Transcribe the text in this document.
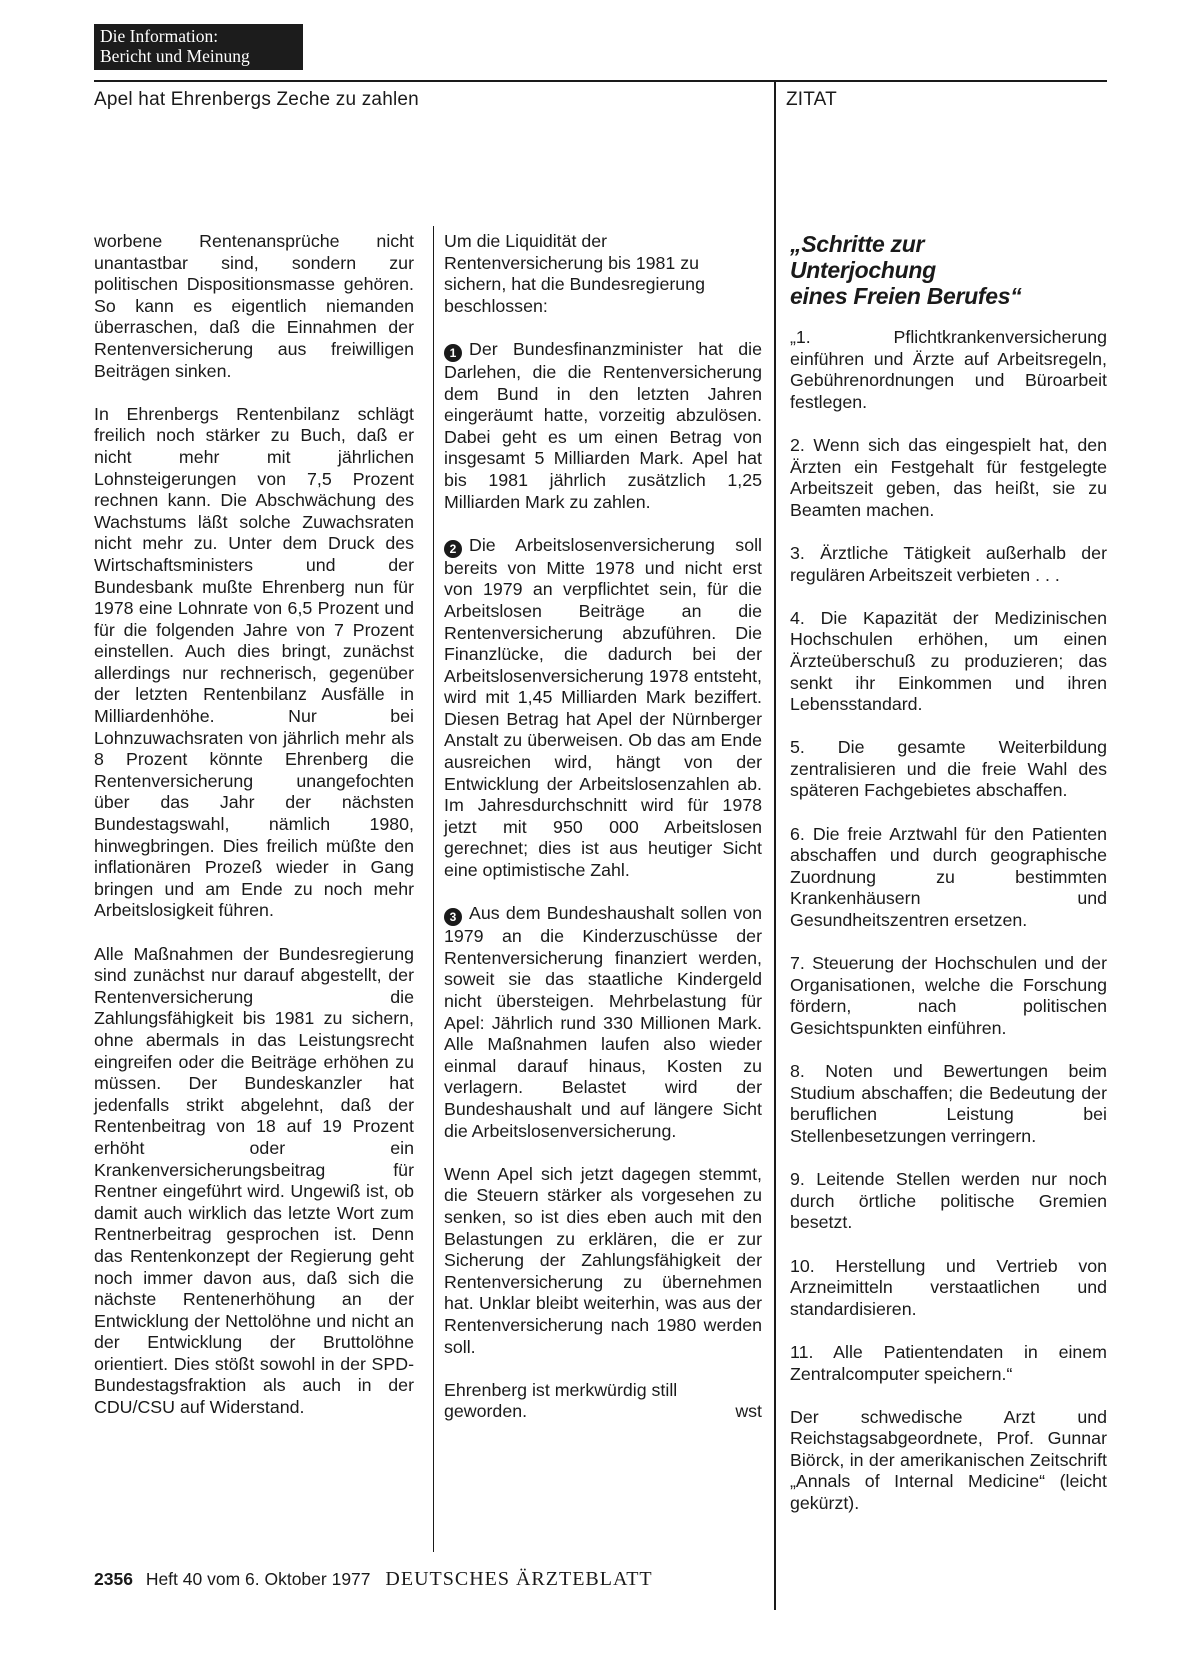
Die Information:
Bericht und Meinung
Apel hat Ehrenbergs Zeche zu zahlen	ZITAT

worbene Rentenansprüche nicht unantastbar sind, sondern zur politischen Dispositionsmasse gehören. So kann es eigentlich niemanden überraschen, daß die Einnahmen der Rentenversicherung aus freiwilligen Beiträgen sinken.

In Ehrenbergs Rentenbilanz schlägt freilich noch stärker zu Buch, daß er nicht mehr mit jährlichen Lohnsteigerungen von 7,5 Prozent rechnen kann. Die Abschwächung des Wachstums läßt solche Zuwachsraten nicht mehr zu. Unter dem Druck des Wirtschaftsministers und der Bundesbank mußte Ehrenberg nun für 1978 eine Lohnrate von 6,5 Prozent und für die folgenden Jahre von 7 Prozent einstellen. Auch dies bringt, zunächst allerdings nur rechnerisch, gegenüber der letzten Rentenbilanz Ausfälle in Milliardenhöhe. Nur bei Lohnzuwachsraten von jährlich mehr als 8 Prozent könnte Ehrenberg die Rentenversicherung unangefochten über das Jahr der nächsten Bundestagswahl, nämlich 1980, hinwegbringen. Dies freilich müßte den inflationären Prozeß wieder in Gang bringen und am Ende zu noch mehr Arbeitslosigkeit führen.

Alle Maßnahmen der Bundesregierung sind zunächst nur darauf abgestellt, der Rentenversicherung die Zahlungsfähigkeit bis 1981 zu sichern, ohne abermals in das Leistungsrecht eingreifen oder die Beiträge erhöhen zu müssen. Der Bundeskanzler hat jedenfalls strikt abgelehnt, daß der Rentenbeitrag von 18 auf 19 Prozent erhöht oder ein Krankenversicherungsbeitrag für Rentner eingeführt wird. Ungewiß ist, ob damit auch wirklich das letzte Wort zum Rentnerbeitrag gesprochen ist. Denn das Rentenkonzept der Regierung geht noch immer davon aus, daß sich die nächste Rentenerhöhung an der Entwicklung der Nettolöhne und nicht an der Entwicklung der Bruttolöhne orientiert. Dies stößt sowohl in der SPD-Bundestagsfraktion als auch in der CDU/CSU auf Widerstand.

Um die Liquidität der Rentenversicherung bis 1981 zu sichern, hat die Bundesregierung beschlossen:

1 Der Bundesfinanzminister hat die Darlehen, die die Rentenversicherung dem Bund in den letzten Jahren eingeräumt hatte, vorzeitig abzulösen. Dabei geht es um einen Betrag von insgesamt 5 Milliarden Mark. Apel hat bis 1981 jährlich zusätzlich 1,25 Milliarden Mark zu zahlen.

2 Die Arbeitslosenversicherung soll bereits von Mitte 1978 und nicht erst von 1979 an verpflichtet sein, für die Arbeitslosen Beiträge an die Rentenversicherung abzuführen. Die Finanzlücke, die dadurch bei der Arbeitslosenversicherung 1978 entsteht, wird mit 1,45 Milliarden Mark beziffert. Diesen Betrag hat Apel der Nürnberger Anstalt zu überweisen. Ob das am Ende ausreichen wird, hängt von der Entwicklung der Arbeitslosenzahlen ab. Im Jahresdurchschnitt wird für 1978 jetzt mit 950 000 Arbeitslosen gerechnet; dies ist aus heutiger Sicht eine optimistische Zahl.

3 Aus dem Bundeshaushalt sollen von 1979 an die Kinderzuschüsse der Rentenversicherung finanziert werden, soweit sie das staatliche Kindergeld nicht übersteigen. Mehrbelastung für Apel: Jährlich rund 330 Millionen Mark. Alle Maßnahmen laufen also wieder einmal darauf hinaus, Kosten zu verlagern. Belastet wird der Bundeshaushalt und auf längere Sicht die Arbeitslosenversicherung.

Wenn Apel sich jetzt dagegen stemmt, die Steuern stärker als vorgesehen zu senken, so ist dies eben auch mit den Belastungen zu erklären, die er zur Sicherung der Zahlungsfähigkeit der Rentenversicherung zu übernehmen hat. Unklar bleibt weiterhin, was aus der Rentenversicherung nach 1980 werden soll.

Ehrenberg ist merkwürdig still geworden.	wst

„Schritte zur
Unterjochung
eines Freien Berufes“

„1. Pflichtkrankenversicherung einführen und Ärzte auf Arbeitsregeln, Gebührenordnungen und Büroarbeit festlegen.

2. Wenn sich das eingespielt hat, den Ärzten ein Festgehalt für festgelegte Arbeitszeit geben, das heißt, sie zu Beamten machen.

3. Ärztliche Tätigkeit außerhalb der regulären Arbeitszeit verbieten . . .

4. Die Kapazität der Medizinischen Hochschulen erhöhen, um einen Ärzteüberschuß zu produzieren; das senkt ihr Einkommen und ihren Lebensstandard.

5. Die gesamte Weiterbildung zentralisieren und die freie Wahl des späteren Fachgebietes abschaffen.

6. Die freie Arztwahl für den Patienten abschaffen und durch geographische Zuordnung zu bestimmten Krankenhäusern und Gesundheitszentren ersetzen.

7. Steuerung der Hochschulen und der Organisationen, welche die Forschung fördern, nach politischen Gesichtspunkten einführen.

8. Noten und Bewertungen beim Studium abschaffen; die Bedeutung der beruflichen Leistung bei Stellenbesetzungen verringern.

9. Leitende Stellen werden nur noch durch örtliche politische Gremien besetzt.

10. Herstellung und Vertrieb von Arzneimitteln verstaatlichen und standardisieren.

11. Alle Patientendaten in einem Zentralcomputer speichern.“

Der schwedische Arzt und Reichstagsabgeordnete, Prof. Gunnar Biörck, in der amerikanischen Zeitschrift „Annals of Internal Medicine“ (leicht gekürzt).

2356 Heft 40 vom 6. Oktober 1977 DEUTSCHES ÄRZTEBLATT
